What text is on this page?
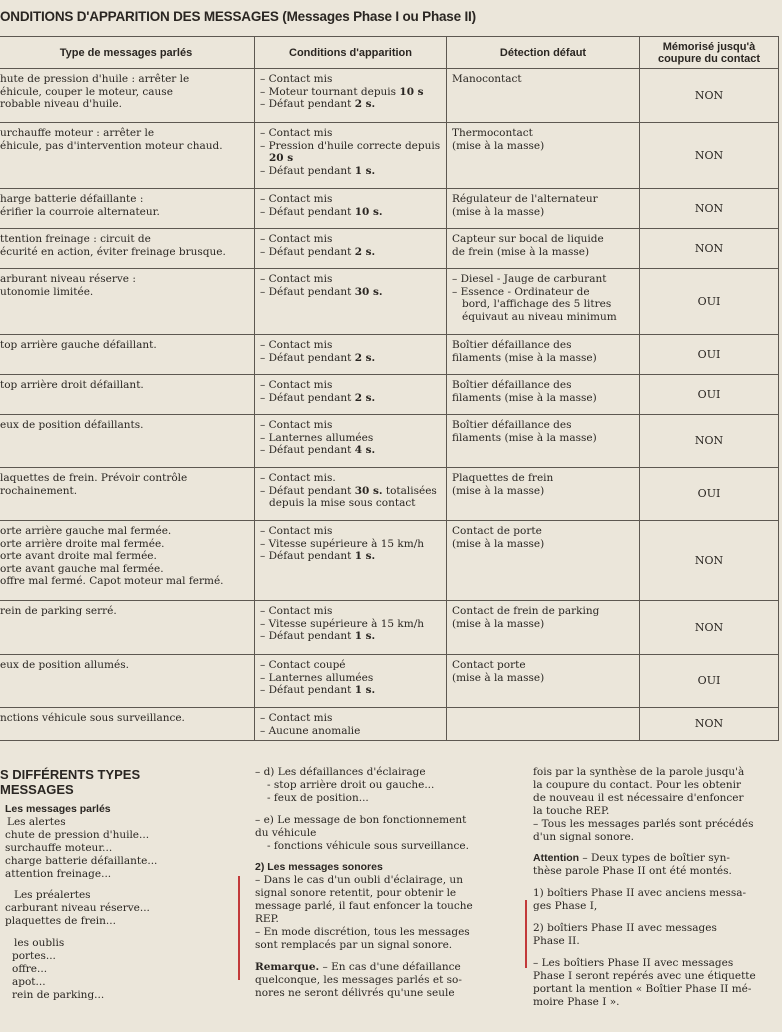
ONDITIONS D'APPARITION DES MESSAGES (Messages Phase I ou Phase II)
Type de messages parlés	Conditions d'apparition	Détection défaut	Mémorisé jusqu'à coupure du contact

hute de pression d'huile : arrêter le
éhicule, couper le moteur, cause
robable niveau d'huile.	– Contact mis
– Moteur tournant depuis 10 s
– Défaut pendant 2 s.	Manocontact	NON

urchauffe moteur : arrêter le
éhicule, pas d'intervention moteur chaud.	– Contact mis
– Pression d'huile correcte depuis 20 s
– Défaut pendant 1 s.	Thermocontact
(mise à la masse)	NON

harge batterie défaillante :
érifier la courroie alternateur.	– Contact mis
– Défaut pendant 10 s.	Régulateur de l'alternateur
(mise à la masse)	NON

ttention freinage : circuit de
écurité en action, éviter freinage brusque.	– Contact mis
– Défaut pendant 2 s.	Capteur sur bocal de liquide
de frein (mise à la masse)	NON

arburant niveau réserve :
utonomie limitée.	– Contact mis
– Défaut pendant 30 s.	– Diesel - Jauge de carburant
– Essence - Ordinateur de
bord, l'affichage des 5 litres
équivaut au niveau minimum	OUI

top arrière gauche défaillant.	– Contact mis
– Défaut pendant 2 s.	Boîtier défaillance des
filaments (mise à la masse)	OUI

top arrière droit défaillant.	– Contact mis
– Défaut pendant 2 s.	Boîtier défaillance des
filaments (mise à la masse)	OUI

eux de position défaillants.	– Contact mis
– Lanternes allumées
– Défaut pendant 4 s.	Boîtier défaillance des
filaments (mise à la masse)	NON

laquettes de frein. Prévoir contrôle
rochainement.	– Contact mis.
– Défaut pendant 30 s. totalisées depuis la mise sous contact	Plaquettes de frein
(mise à la masse)	OUI

orte arrière gauche mal fermée.
orte arrière droite mal fermée.
orte avant droite mal fermée.
orte avant gauche mal fermée.
offre mal fermé. Capot moteur mal fermé.	– Contact mis
– Vitesse supérieure à 15 km/h
– Défaut pendant 1 s.	Contact de porte
(mise à la masse)	NON

rein de parking serré.	– Contact mis
– Vitesse supérieure à 15 km/h
– Défaut pendant 1 s.	Contact de frein de parking
(mise à la masse)	NON

eux de position allumés.	– Contact coupé
– Lanternes allumées
– Défaut pendant 1 s.	Contact porte
(mise à la masse)	OUI

nctions véhicule sous surveillance.	– Contact mis
– Aucune anomalie		NON
S DIFFÉRENTS TYPES
MESSAGES
Les messages parlés
Les alertes
chute de pression d'huile...
surchauffe moteur...
charge batterie défaillante...
attention freinage...
Les préalertes
carburant niveau réserve...
plaquettes de frein...
les oublis
portes...
offre...
apot...
rein de parking...
– d) Les défaillances d'éclairage
- stop arrière droit ou gauche...
- feux de position...
– e) Le message de bon fonctionnement
du véhicule
- fonctions véhicule sous surveillance.
2) Les messages sonores
– Dans le cas d'un oubli d'éclairage, un
signal sonore retentit, pour obtenir le
message parlé, il faut enfoncer la touche
REP.
– En mode discrétion, tous les messages
sont remplacés par un signal sonore.
Remarque. – En cas d'une défaillance
quelconque, les messages parlés et so-
nores ne seront délivrés qu'une seule
fois par la synthèse de la parole jusqu'à
la coupure du contact. Pour les obtenir
de nouveau il est nécessaire d'enfoncer
la touche REP.
– Tous les messages parlés sont précédés
d'un signal sonore.
Attention – Deux types de boîtier syn-
thèse parole Phase II ont été montés.
1) boîtiers Phase II avec anciens messa-
ges Phase I,
2) boîtiers Phase II avec messages
Phase II.
– Les boîtiers Phase II avec messages
Phase I seront repérés avec une étiquette
portant la mention « Boîtier Phase II mé-
moire Phase I ».
